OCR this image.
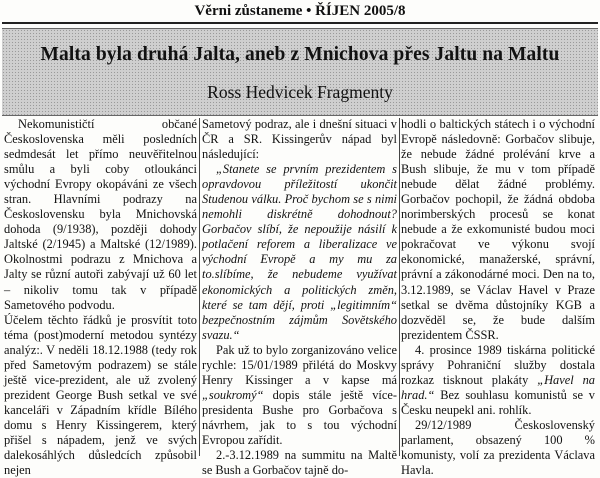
Věrni zůstaneme • ŘÍJEN 2005/8
Malta byla druhá Jalta, aneb z Mnichova přes Jaltu na Maltu
Ross Hedvicek Fragmenty

Nekomunističtí občané Československa měli posledních sedmdesát let přímo neuvěřitelnou smůlu a byli coby otloukánci východní Evropy okopáváni ze všech stran. Hlavními podrazy na Československu byla Mnichovská dohoda (9/1938), později dohody Jaltské (2/1945) a Maltské (12/1989). Okolnostmi podrazu z Mnichova a Jalty se různí autoři zabývají už 60 let – nikoliv tomu tak v případě Sametového podvodu.

Účelem těchto řádků je prosvítit toto téma (post)moderní metodou syntézy analýz:. V neděli 18.12.1988 (tedy rok před Sametovým podrazem) se stále ještě vice-prezident, ale už zvolený prezident George Bush setkal ve své kanceláři v Západním křídle Bílého domu s Henry Kissingerem, který přišel s nápadem, jenž ve svých dalekosáhlých důsledcích způsobil nejen

Sametový podraz, ale i dnešní situaci v ČR a SR. Kissingerův nápad byl následující:

„Stanete se prvním prezidentem s opravdovou příležitostí ukončit Studenou válku. Proč bychom se s nimi nemohli diskrétně dohodnout? Gorbačov slíbí, že nepoužije násilí k potlačení reforem a liberalizace ve východní Evropě a my mu za to.slíbíme, že nebudeme využívat ekonomických a politických změn, které se tam dějí, proti „legitimním“ bezpečnostním zájmům Sovětského svazu.“

Pak už to bylo zorganizováno velice rychle: 15/01/1989 přilétá do Moskvy Henry Kissinger a v kapse má „soukromý“ dopis stále ještě více-presidenta Bushe pro Gorbačova s návrhem, jak to s tou východní Evropou zařídit.

2.-3.12.1989 na summitu na Maltě se Bush a Gorbačov tajně do-

hodli o baltických státech i o východní Evropě následovně: Gorbačov slibuje, že nebude žádné prolévání krve a Bush slibuje, že mu v tom případě nebude dělat žádné problémy. Gorbačov pochopil, že žádná obdoba norimberských procesů se konat nebude a že exkomunisté budou moci pokračovat ve výkonu svojí ekonomické, manažerské, správní, právní a zákonodárné moci. Den na to, 3.12.1989, se Václav Havel v Praze setkal se dvěma důstojníky KGB a dozvěděl se, že bude dalším prezidentem ČSSR.

4. prosince 1989 tiskárna politické správy Pohraniční služby dostala rozkaz tisknout plakáty „Havel na hrad.“ Bez souhlasu komunistů se v Česku neupekl ani. rohlík.

29/12/1989 Československý parlament, obsazený 100 % komunisty, volí za prezidenta Václava Havla.
